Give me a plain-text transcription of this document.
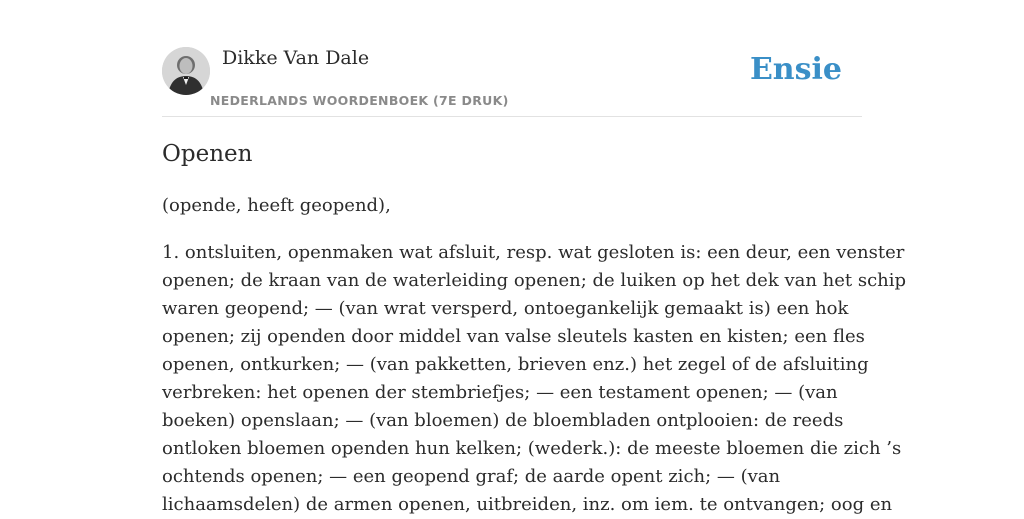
Dikke Van Dale
NEDERLANDS WOORDENBOEK (7E DRUK)
Ensie
Openen

(opende, heeft geopend),

1. ontsluiten, openmaken wat afsluit, resp. wat gesloten is: een deur, een venster
openen; de kraan van de waterleiding openen; de luiken op het dek van het schip
waren geopend; — (van wrat versperd, ontoegankelijk gemaakt is) een hok
openen; zij openden door middel van valse sleutels kasten en kisten; een fles
openen, ontkurken; — (van pakketten, brieven enz.) het zegel of de afsluiting
verbreken: het openen der stembriefjes; — een testament openen; — (van
boeken) openslaan; — (van bloemen) de bloembladen ontplooien: de reeds
ontloken bloemen openden hun kelken; (wederk.): de meeste bloemen die zich ’s
ochtends openen; — een geopend graf; de aarde opent zich; — (van
lichaamsdelen) de armen openen, uitbreiden, inz. om iem. te ontvangen; oog en
